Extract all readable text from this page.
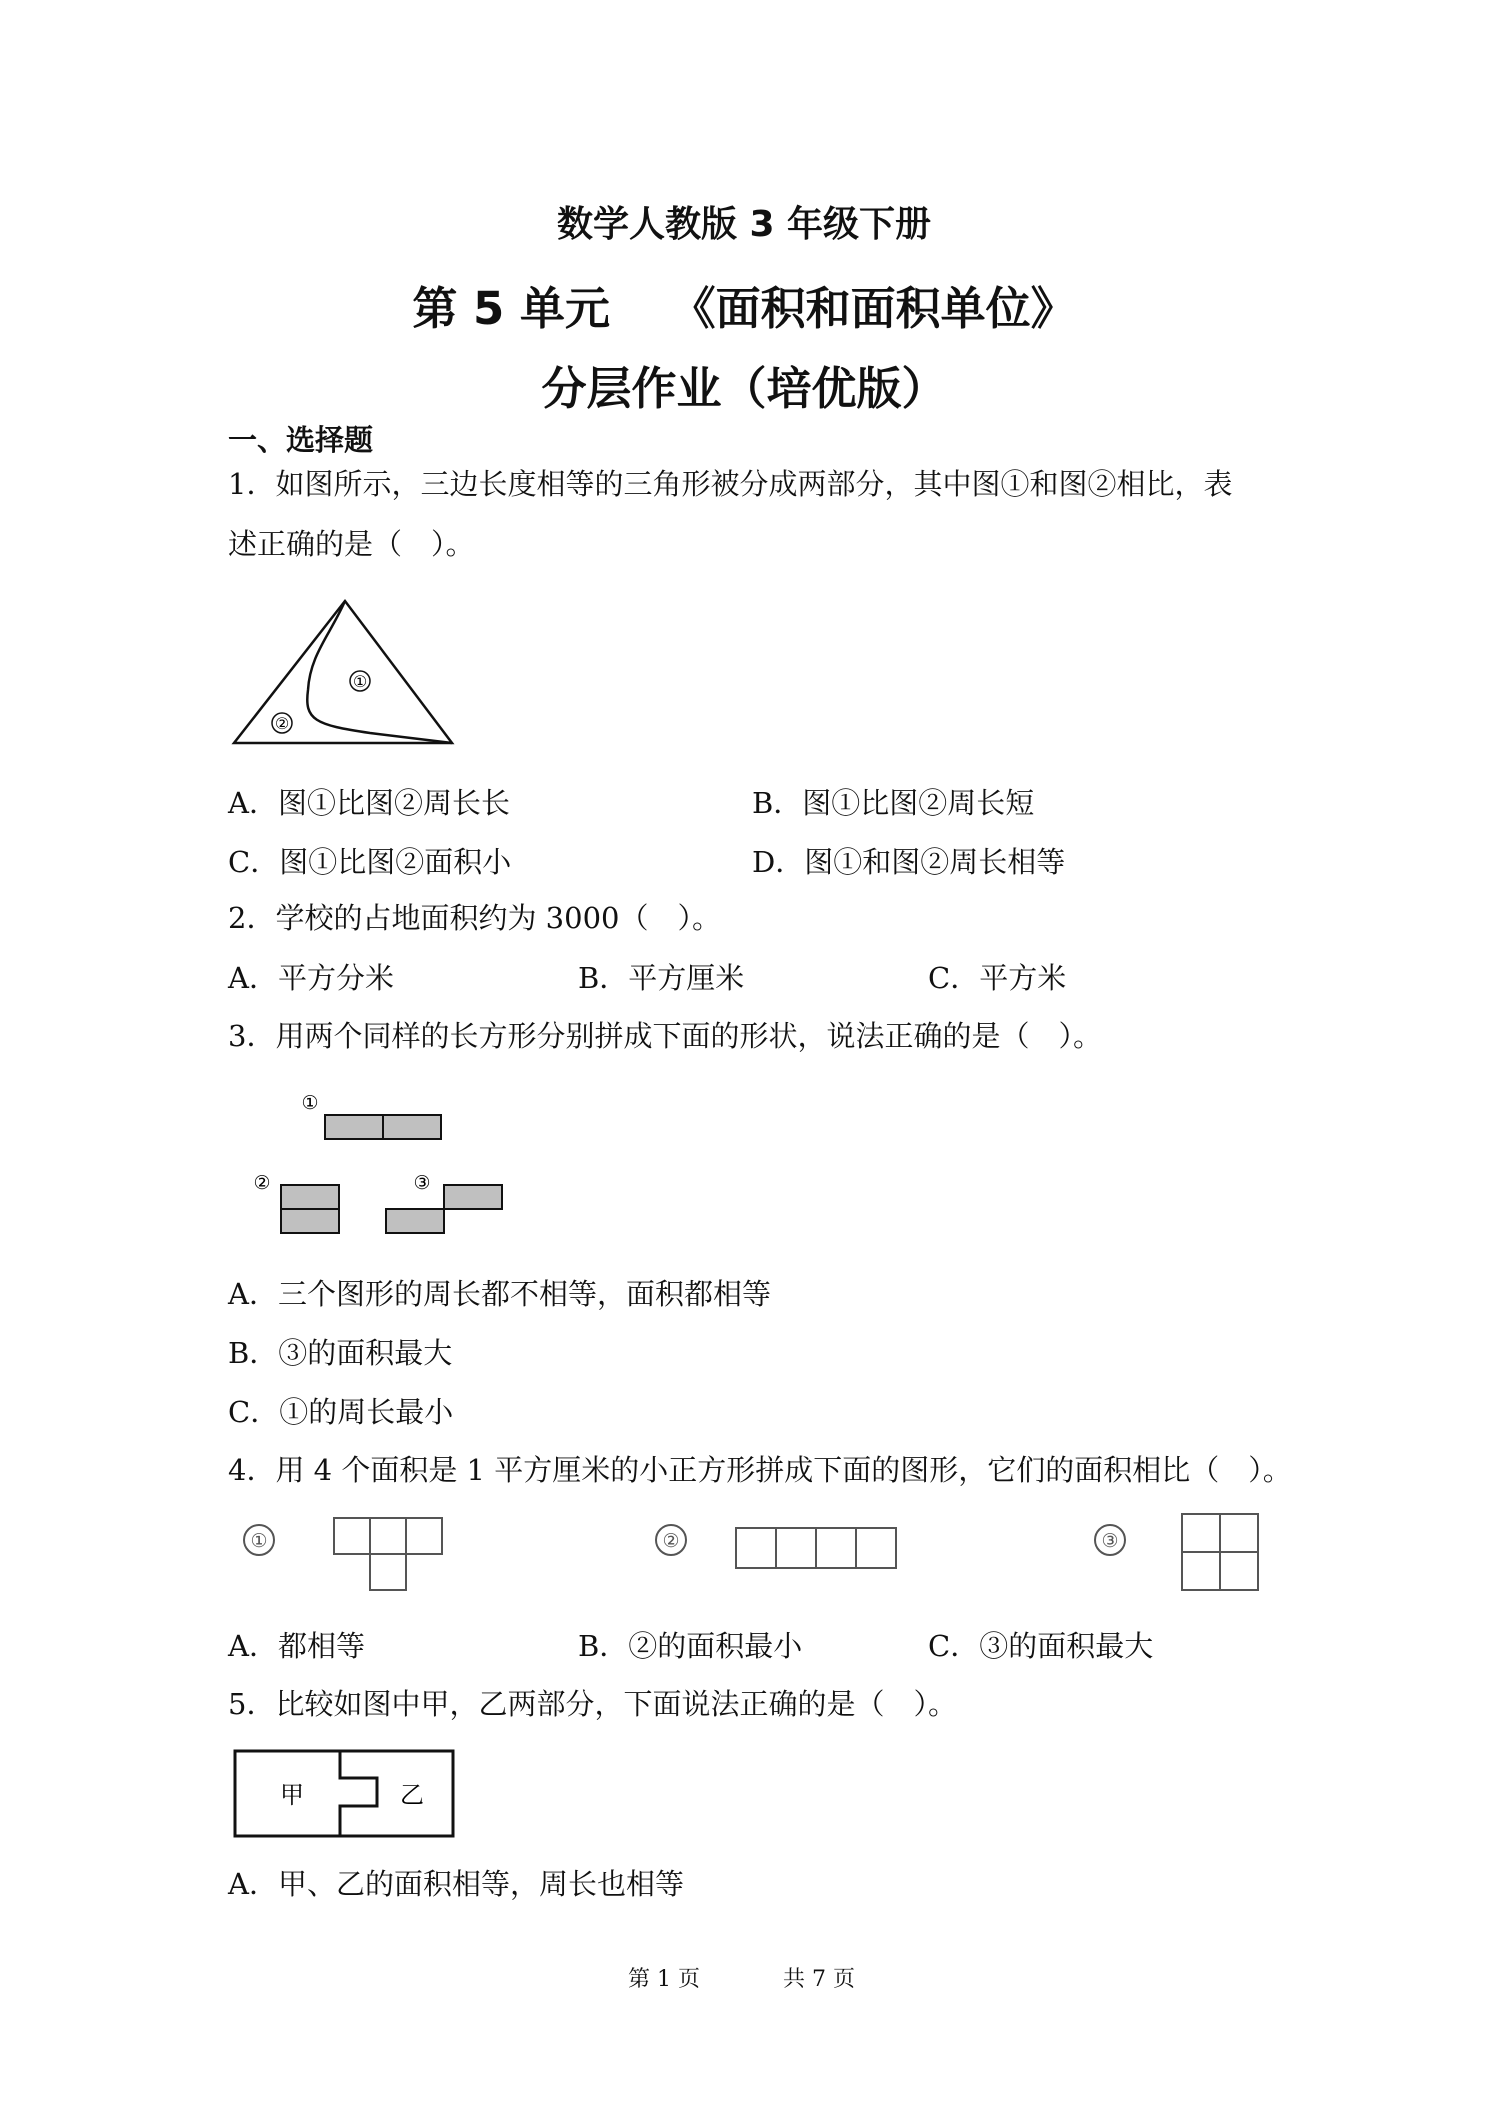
数学人教版 3 年级下册
第 5 单元　 《面积和面积单位》
分层作业（培优版）
一、选择题
1．如图所示，三边长度相等的三角形被分成两部分，其中图①和图②相比，表
述正确的是（　）。
①
②
A．图①比图②周长长	B．图①比图②周长短
C．图①比图②面积小	D．图①和图②周长相等
2．学校的占地面积约为 3000（　）。
A．平方分米	B．平方厘米	C．平方米
3．用两个同样的长方形分别拼成下面的形状，说法正确的是（　）。
①
②	③
A．三个图形的周长都不相等，面积都相等
B．③的面积最大
C．①的周长最小
4．用 4 个面积是 1 平方厘米的小正方形拼成下面的图形，它们的面积相比（　）。
①	②	③
A．都相等	B．②的面积最小	C．③的面积最大
5．比较如图中甲，乙两部分，下面说法正确的是（　）。
甲	乙
A．甲、乙的面积相等，周长也相等
第 1 页	共 7 页
